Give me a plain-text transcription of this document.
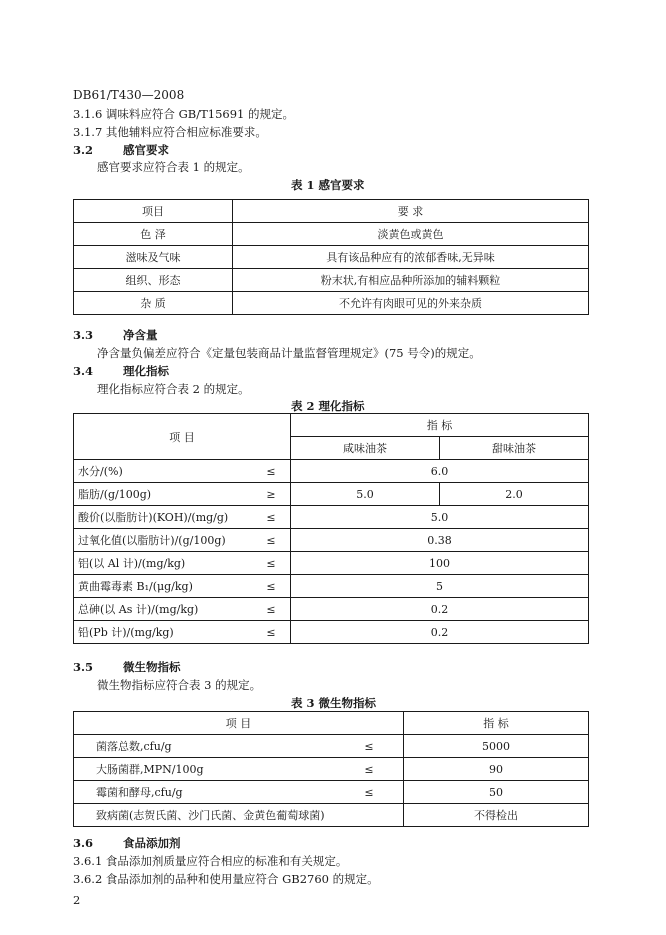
DB61/T430—2008
3.1.6 调味料应符合 GB/T15691 的规定。
3.1.7 其他辅料应符合相应标准要求。
3.2	感官要求
感官要求应符合表 1 的规定。
表 1 感官要求
项目	要 求
色 泽	淡黄色或黄色
滋味及气味	具有该品种应有的浓郁香味,无异味
组织、形态	粉末状,有相应品种所添加的辅料颗粒
杂 质	不允许有肉眼可见的外来杂质
3.3	净含量
净含量负偏差应符合《定量包装商品计量监督管理规定》(75 号令)的规定。
3.4	理化指标
理化指标应符合表 2 的规定。
表 2 理化指标
项 目		指 标	
		咸味油茶	甜味油茶
水分/(%)	≤	6.0	
脂肪/(g/100g)	≥	5.0	2.0
酸价(以脂肪计)(KOH)/(mg/g)	≤	5.0	
过氧化值(以脂肪计)/(g/100g)	≤	0.38	
铝(以 Al 计)/(mg/kg)	≤	100	
黄曲霉毒素 B₁/(μg/kg)	≤	5	
总砷(以 As 计)/(mg/kg)	≤	0.2	
铅(Pb 计)/(mg/kg)	≤	0.2	
3.5	微生物指标
微生物指标应符合表 3 的规定。
表 3 微生物指标
项 目		指 标
菌落总数,cfu/g	≤	5000
大肠菌群,MPN/100g	≤	90
霉菌和酵母,cfu/g	≤	50
致病菌(志贺氏菌、沙门氏菌、金黄色葡萄球菌)		不得检出
3.6	食品添加剂
3.6.1 食品添加剂质量应符合相应的标准和有关规定。
3.6.2 食品添加剂的品种和使用量应符合 GB2760 的规定。
2
